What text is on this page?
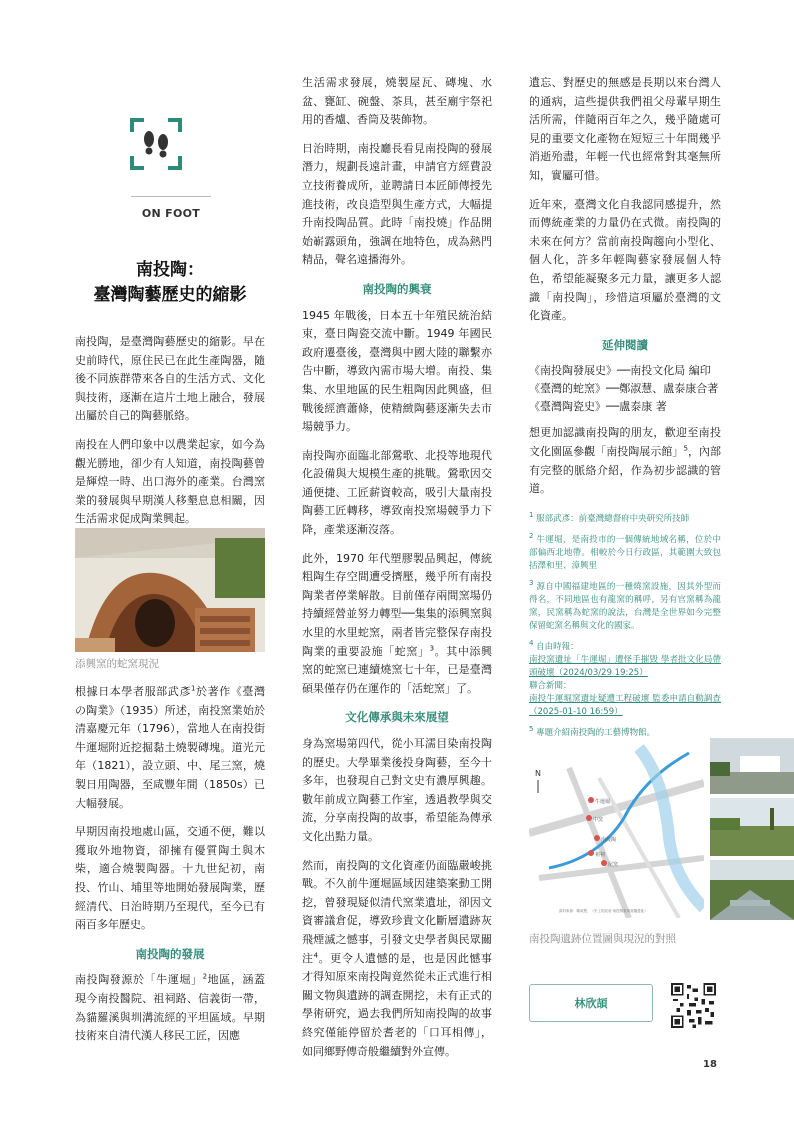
ON FOOT
南投陶：
臺灣陶藝歷史的縮影

南投陶，是臺灣陶藝歷史的縮影。早在史前時代，原住民已在此生產陶器，隨後不同族群帶來各自的生活方式、文化與技術，逐漸在這片土地上融合，發展出屬於自己的陶藝脈絡。

南投在人們印象中以農業起家，如今為觀光勝地，卻少有人知道，南投陶藝曾是輝煌一時、出口海外的產業。台灣窯業的發展與早期漢人移墾息息相關，因生活需求促成陶業興起。

添興窯的蛇窯現況

根據日本學者服部武彥$^1$於著作《臺灣の陶業》（1935）所述，南投窯業始於清嘉慶元年（1796），當地人在南投街牛運堀附近挖掘黏土燒製磚塊。道光元年（1821），設立頭、中、尾三窯，燒製日用陶器，至咸豐年間（1850s）已大幅發展。

早期因南投地處山區，交通不便，難以獲取外地物資，卻擁有優質陶土與木柴，適合燒製陶器。十九世紀初，南投、竹山、埔里等地開始發展陶業，歷經清代、日治時期乃至現代，至今已有兩百多年歷史。

南投陶的發展

南投陶發源於「牛運堀」$^2$地區，涵蓋現今南投醫院、祖祠路、信義街一帶，為貓羅溪與圳溝流經的平坦區域。早期技術來自清代漢人移民工匠，因應

生活需求發展，燒製屋瓦、磚塊、水盆、甕缸、碗盤、茶具，甚至廟宇祭祀用的香爐、香筒及裝飾物。

日治時期，南投廳長看見南投陶的發展潛力，規劃長遠計畫，申請官方經費設立技術養成所，並聘請日本匠師傳授先進技術，改良造型與生產方式，大幅提升南投陶品質。此時「南投燒」作品開始嶄露頭角，強調在地特色，成為熱門精品，聲名遠播海外。

南投陶的興衰

1945 年戰後，日本五十年殖民統治結束，臺日陶瓷交流中斷。1949 年國民政府遷臺後，臺灣與中國大陸的聯繫亦告中斷，導致內需市場大增。南投、集集、水里地區的民生粗陶因此興盛，但戰後經濟蕭條，使精緻陶藝逐漸失去市場競爭力。

南投陶亦面臨北部鶯歌、北投等地現代化設備與大規模生產的挑戰。鶯歌因交通便捷、工匠薪資較高，吸引大量南投陶藝工匠轉移，導致南投窯場競爭力下降，產業逐漸沒落。

此外，1970 年代塑膠製品興起，傳統粗陶生存空間遭受擠壓，幾乎所有南投陶業者停業解散。目前僅存兩間窯場仍持續經營並努力轉型──集集的添興窯與水里的水里蛇窯，兩者皆完整保存南投陶業的重要設施「蛇窯」$^3$。其中添興窯的蛇窯已連續燒窯七十年，已是臺灣碩果僅存仍在運作的「活蛇窯」了。

文化傳承與未來展望

身為窯場第四代，從小耳濡目染南投陶的歷史。大學畢業後投身陶藝，至今十多年，也發現自己對文史有濃厚興趣。數年前成立陶藝工作室，透過教學與交流，分享南投陶的故事，希望能為傳承文化出點力量。

然而，南投陶的文化資產仍面臨嚴峻挑戰。不久前牛運堀區域因建築案動工開挖，曾發現疑似清代窯業遺址，卻因文資審議倉促，導致珍貴文化斷層遺跡灰飛煙滅之憾事，引發文史學者與民眾關注$^4$。更令人遺憾的是，也是因此憾事才得知原來南投陶竟然從未正式進行相關文物與遺跡的調查開挖，未有正式的學術研究，過去我們所知南投陶的故事終究僅能停留於耆老的「口耳相傳」，如同鄉野傳奇般繼續對外宣傳。

遺忘、對歷史的無感是長期以來台灣人的通病，這些提供我們祖父母輩早期生活所需，伴隨兩百年之久，幾乎隨處可見的重要文化產物在短短三十年間幾乎消逝殆盡，年輕一代也經常對其毫無所知，實屬可惜。

近年來，臺灣文化自我認同感提升，然而傳統產業的力量仍在式微。南投陶的未來在何方？當前南投陶趨向小型化、個人化，許多年輕陶藝家發展個人特色，希望能凝聚多元力量，讓更多人認識「南投陶」，珍惜這項屬於臺灣的文化資產。

延伸閱讀
《南投陶發展史》──南投文化局 編印
《臺灣的蛇窯》──鄭淑慧、盧泰康合著
《臺灣陶瓷史》──盧泰康 著

想更加認識南投陶的朋友，歡迎至南投文化園區參觀「南投陶展示館」$^5$，內部有完整的脈絡介紹，作為初步認識的管道。

$^1$ 服部武彥：前臺灣總督府中央研究所技師
$^2$ 牛運堀，是南投市的一個傳統地域名稱，位於中部偏西北地帶。相較於今日行政區，其範圍大致包括澤和里、漳興里
$^3$ 源自中國福建地區的一種燒窯設施，因其外型而得名，不同地區也有龍窯的稱呼，另有官窯稱為龍窯，民窯稱為蛇窯的說法，台灣是全世界如今完整保留蛇窯名稱與文化的國家。
$^4$ 自由時報：
南投窯遺址「牛運堀」遭怪手摧毀 學者批文化局帶頭破壞（2024/03/29 19:25）
聯合新聞：
南投牛運堀窯遺址疑遭工程破壞 監委申請自動調查（2025-01-10 16:59）
$^5$ 專題介紹南投陶的工藝博物館。
牛運堀
中窯
南投陶
祖祠
尾窯
N
資料來源：鄭淑慧，《史上的紋表·南投陶業與窯爐遺址》
南投陶遺跡位置圖與現況的對照
林欣頡
18
